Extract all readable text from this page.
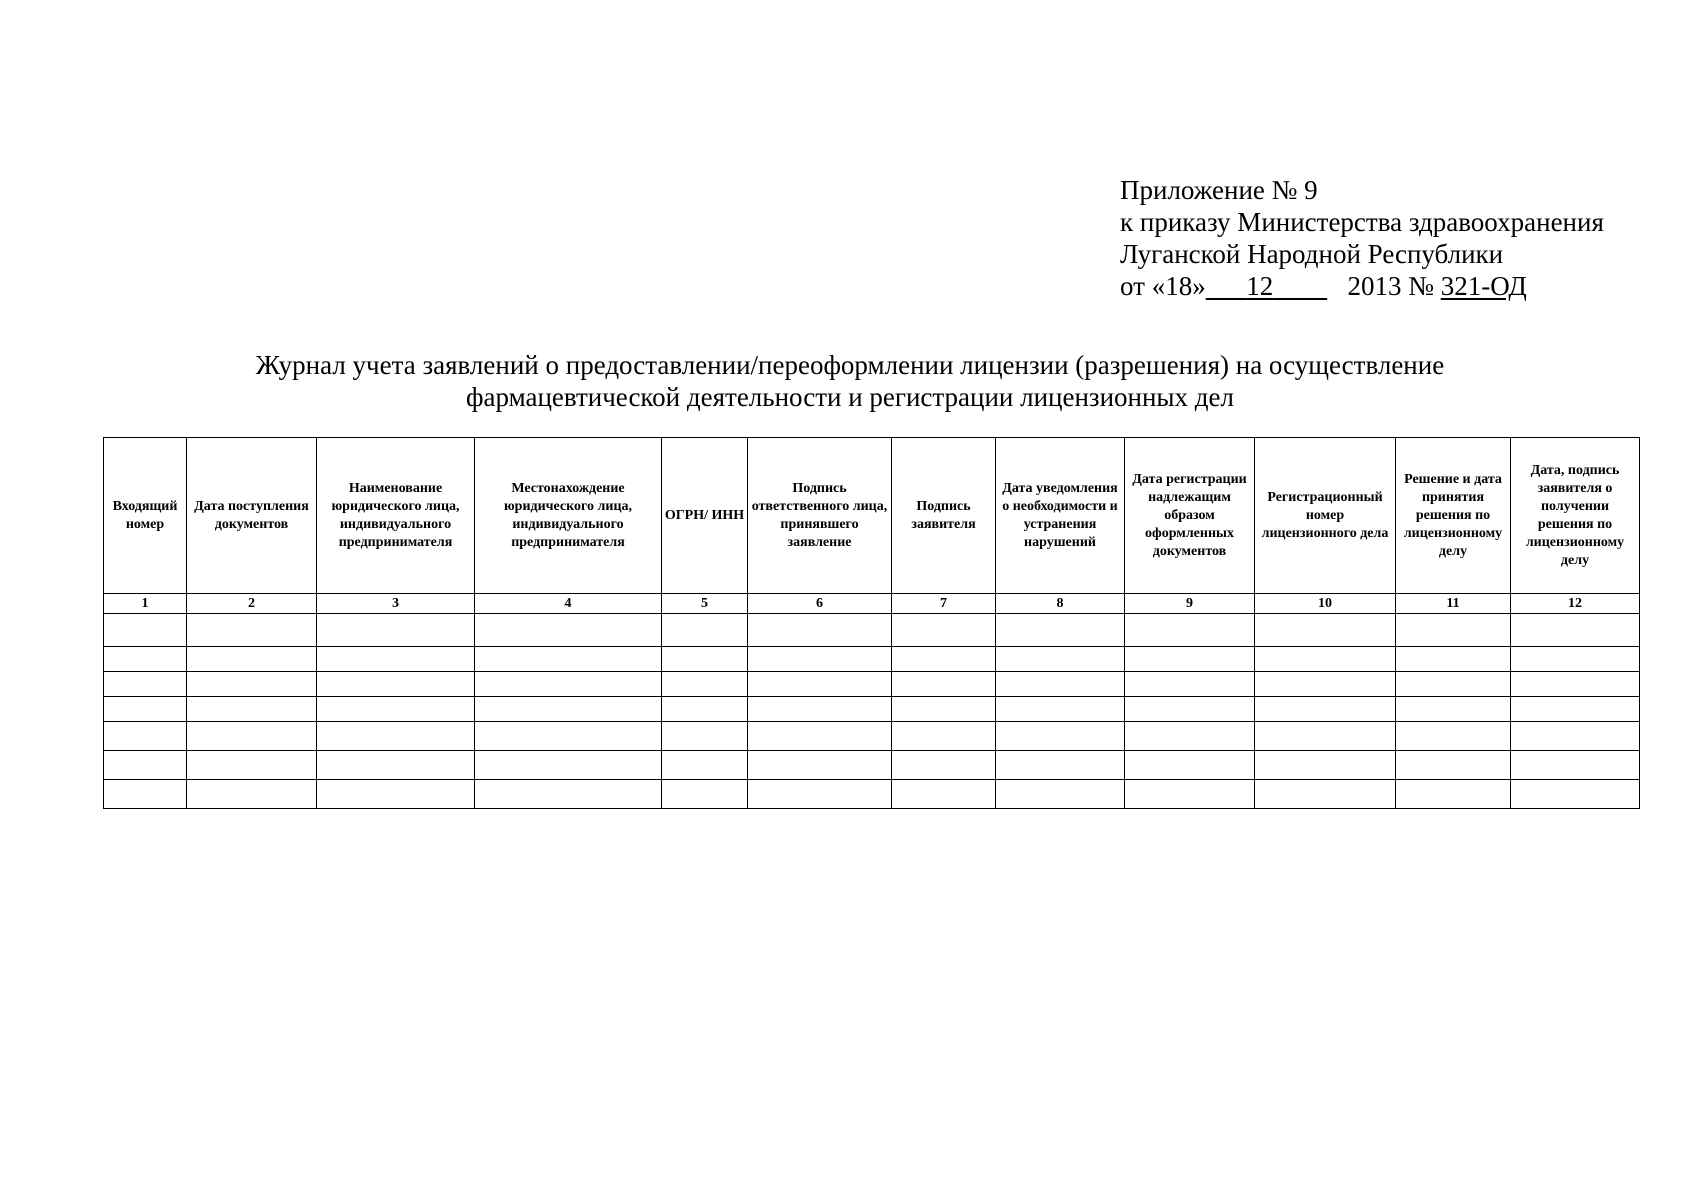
Приложение № 9
к приказу Министерства здравоохранения
Луганской Народной Республики
от «18» 12	2013 № 321-ОД
Журнал учета заявлений о предоставлении/переоформлении лицензии (разрешения) на осуществление
фармацевтической деятельности и регистрации лицензионных дел
Входящий номер	Дата поступления документов	Наименование юридического лица, индивидуального предпринимателя	Местонахождение юридического лица, индивидуального предпринимателя	ОГРН/ ИНН	Подпись ответственного лица, принявшего заявление	Подпись заявителя	Дата уведомления о необходимости и устранения нарушений	Дата регистрации надлежащим образом оформленных документов	Регистрационный номер лицензионного дела	Решение и дата принятия решения по лицензионному делу	Дата, подпись заявителя о получении решения по лицензионному делу
1	2	3	4	5	6	7	8	9	10	11	12
